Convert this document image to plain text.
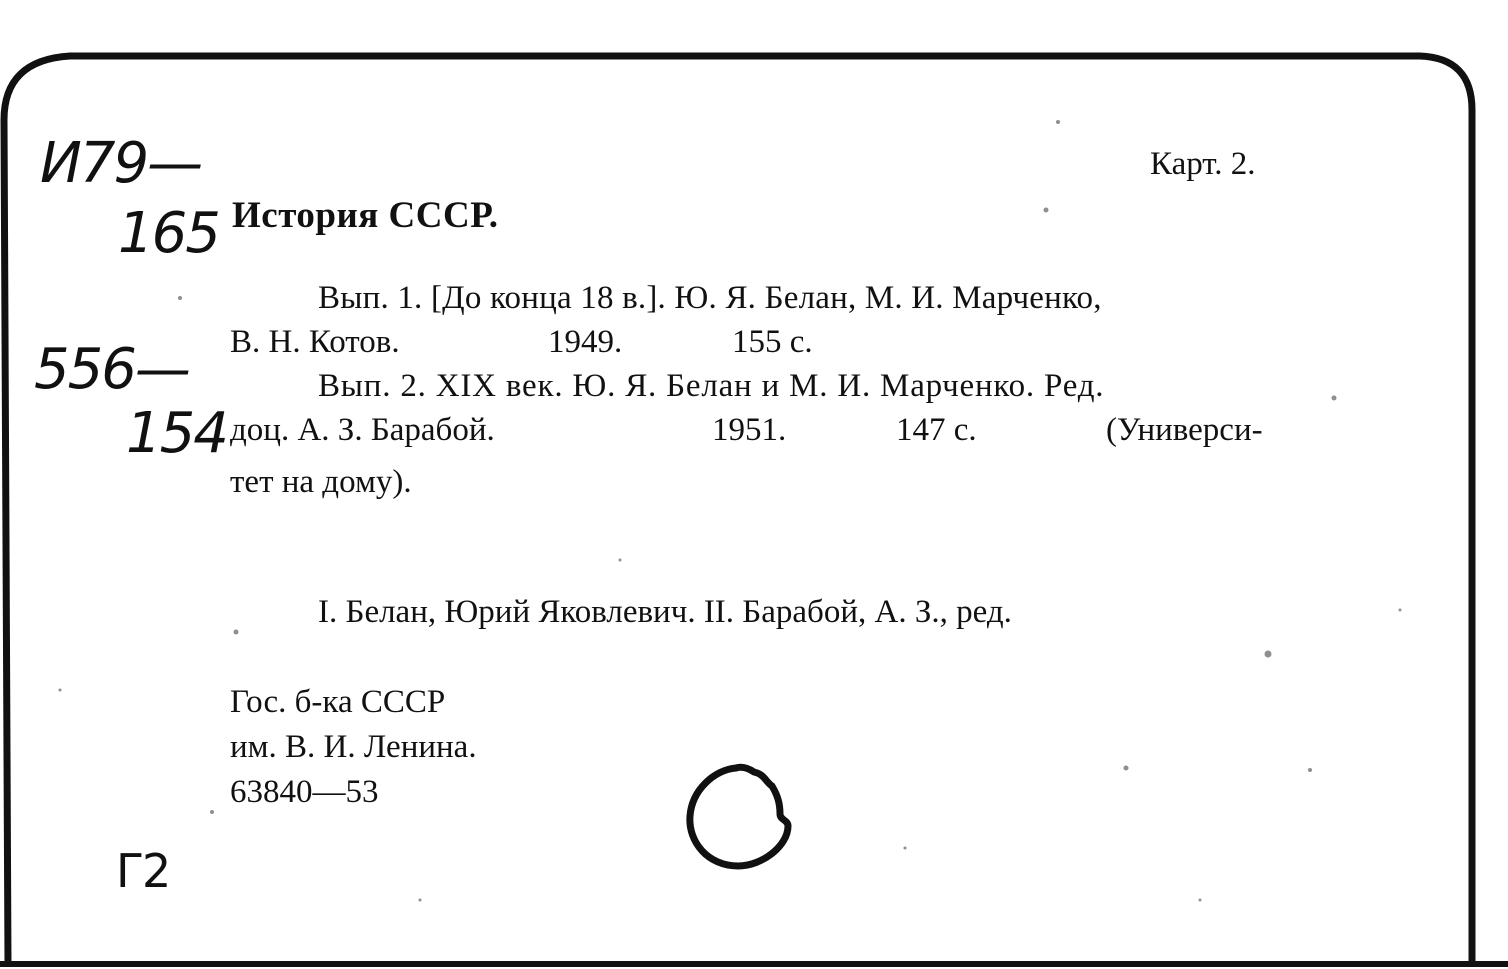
И79—
165
556—
154
Г2
Карт. 2.
История СССР.
Вып. 1. [До конца 18 в.]. Ю. Я. Белан, М. И. Марченко,
В. Н. Котов.	1949.	155 с.
Вып. 2. XIX век. Ю. Я. Белан и М. И. Марченко. Ред.
доц. А. З. Барабой.	1951.	147 с.	(Универси-
тет на дому).
I. Белан, Юрий Яковлевич. II. Барабой, А. З., ред.
Гос. б-ка СССР
им. В. И. Ленина.
63840—53
